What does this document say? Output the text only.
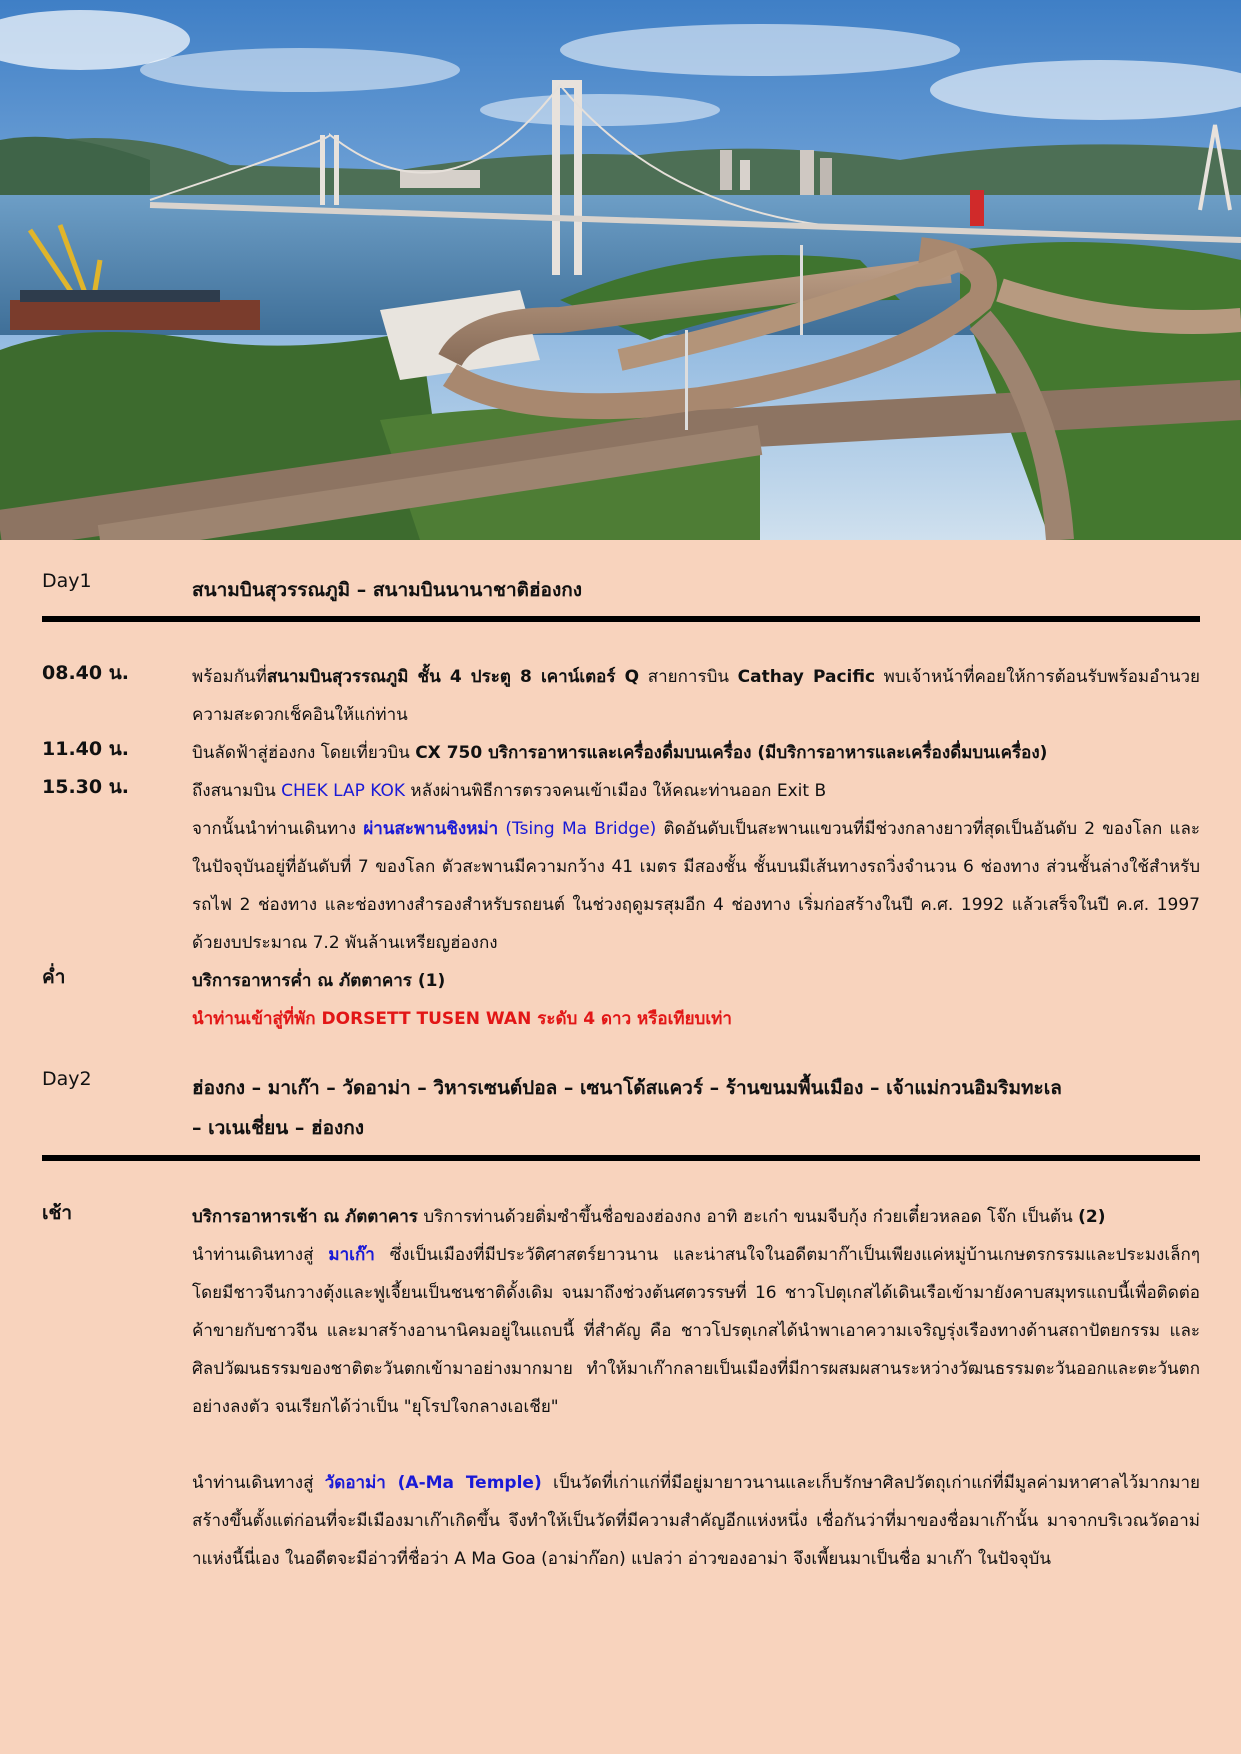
Day1	สนามบินสุวรรณภูมิ – สนามบินนานาชาติฮ่องกง
08.40 น.	พร้อมกันที่สนามบินสุวรรณภูมิ ชั้น 4 ประตู 8 เคาน์เตอร์ Q สายการบิน Cathay Pacific พบเจ้าหน้าที่คอยให้การต้อนรับพร้อมอำนวยความสะดวกเช็คอินให้แก่ท่าน

11.40 น.	บินลัดฟ้าสู่ฮ่องกง โดยเที่ยวบิน CX 750 บริการอาหารและเครื่องดื่มบนเครื่อง (มีบริการอาหารและเครื่องดื่มบนเครื่อง)

15.30 น.	ถึงสนามบิน CHEK LAP KOK หลังผ่านพิธีการตรวจคนเข้าเมือง ให้คณะท่านออก Exit B

จากนั้นนำท่านเดินทาง ผ่านสะพานชิงหม่า (Tsing Ma Bridge) ติดอันดับเป็นสะพานแขวนที่มีช่วงกลางยาวที่สุดเป็นอันดับ 2 ของโลก และในปัจจุบันอยู่ที่อันดับที่ 7 ของโลก ตัวสะพานมีความกว้าง 41 เมตร มีสองชั้น ชั้นบนมีเส้นทางรถวิ่งจำนวน 6 ช่องทาง ส่วนชั้นล่างใช้สำหรับรถไฟ 2 ช่องทาง และช่องทางสำรองสำหรับรถยนต์ ในช่วงฤดูมรสุมอีก 4 ช่องทาง เริ่มก่อสร้างในปี ค.ศ. 1992 แล้วเสร็จในปี ค.ศ. 1997 ด้วยงบประมาณ 7.2 พันล้านเหรียญฮ่องกง

ค่ำ	บริการอาหารค่ำ ณ ภัตตาคาร (1)

นำท่านเข้าสู่ที่พัก DORSETT TUSEN WAN ระดับ 4 ดาว หรือเทียบเท่า

Day2	ฮ่องกง – มาเก๊า – วัดอาม่า – วิหารเซนต์ปอล – เซนาโด้สแควร์ – ร้านขนมพื้นเมือง – เจ้าแม่กวนอิมริมทะเล

– เวเนเชี่ยน – ฮ่องกง

เช้า	บริการอาหารเช้า ณ ภัตตาคาร บริการท่านด้วยติ่มซำขึ้นชื่อของฮ่องกง อาทิ ฮะเก๋า ขนมจีบกุ้ง ก๋วยเตี๋ยวหลอด โจ๊ก เป็นต้น (2)

นำท่านเดินทางสู่ มาเก๊า ซึ่งเป็นเมืองที่มีประวัติศาสตร์ยาวนาน และน่าสนใจในอดีตมาก๊าเป็นเพียงแค่หมู่บ้านเกษตรกรรมและประมงเล็กๆ โดยมีชาวจีนกวางตุ้งและฟูเจี้ยนเป็นชนชาติดั้งเดิม จนมาถึงช่วงต้นศตวรรษที่ 16 ชาวโปตุเกสได้เดินเรือเข้ามายังคาบสมุทรแถบนี้เพื่อติดต่อค้าขายกับชาวจีน และมาสร้างอานานิคมอยู่ในแถบนี้ ที่สำคัญ คือ ชาวโปรตุเกสได้นำพาเอาความเจริญรุ่งเรืองทางด้านสถาปัตยกรรม และศิลปวัฒนธรรมของชาติตะวันตกเข้ามาอย่างมากมาย ทำให้มาเก๊ากลายเป็นเมืองที่มีการผสมผสานระหว่างวัฒนธรรมตะวันออกและตะวันตกอย่างลงตัว จนเรียกได้ว่าเป็น "ยุโรปใจกลางเอเชีย"

นำท่านเดินทางสู่ วัดอาม่า (A-Ma Temple) เป็นวัดที่เก่าแก่ที่มีอยู่มายาวนานและเก็บรักษาศิลปวัตถุเก่าแก่ที่มีมูลค่ามหาศาลไว้มากมาย สร้างขึ้นตั้งแต่ก่อนที่จะมีเมืองมาเก๊าเกิดขึ้น จึงทำให้เป็นวัดที่มีความสำคัญอีกแห่งหนึ่ง เชื่อกันว่าที่มาของชื่อมาเก๊านั้น มาจากบริเวณวัดอาม่าแห่งนี้นี่เอง ในอดีตจะมีอ่าวที่ชื่อว่า A Ma Goa (อาม่าก๊อก) แปลว่า อ่าวของอาม่า จึงเพี้ยนมาเป็นชื่อ มาเก๊า ในปัจจุบัน
